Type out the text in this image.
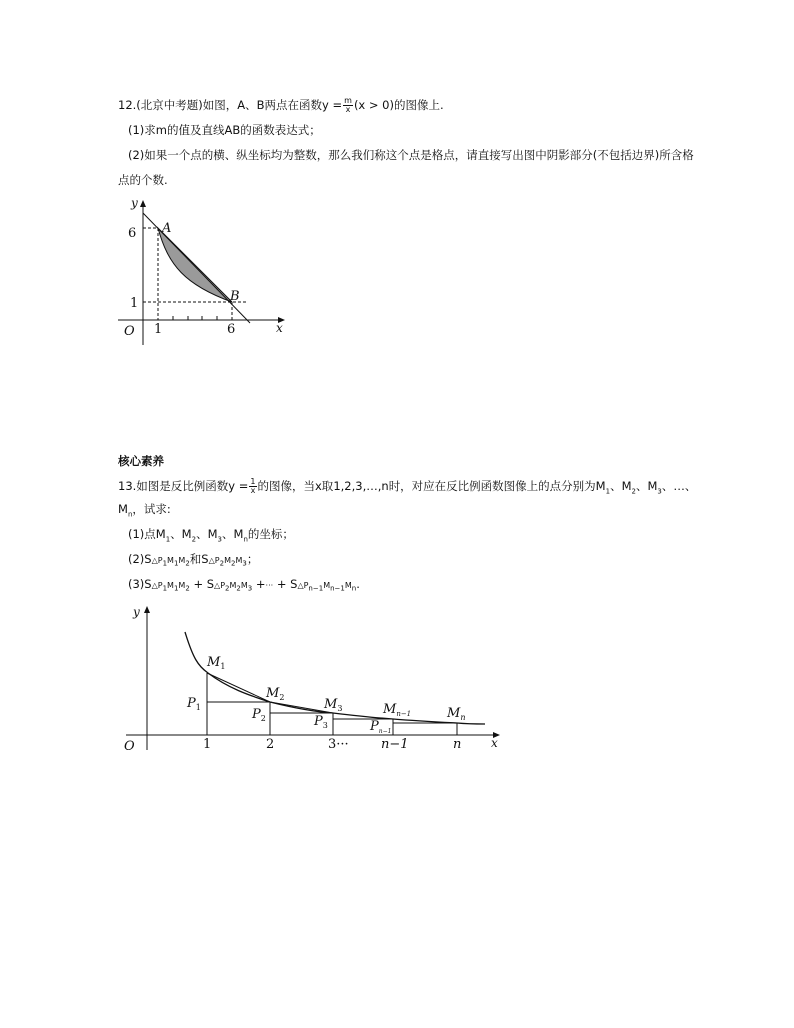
12.(北京中考题)如图，A、B两点在函数$y = \frac{m}{x} (x > 0)$的图像上.
(1)求m的值及直线AB的函数表达式；
(2)如果一个点的横、纵坐标均为整数，那么我们称这个点是格点，请直接写出图中阴影部分(不包括边界)所含格
点的个数.
y
x
O
6
1
1	6
A
B
核心素养
13.如图是反比例函数$y = \frac{1}{x}$ 的图像，当x取1,2,3,…,n时，对应在反比例函数图像上的点分别为$M_1$、$M_2$、$M_3$、…、
$M_n$，试求:
(1)点$M_1$、$M_2$、$M_3$、$M_n$的坐标；
$(2)S\triangle P_1M_1M_2$和$S\triangle P_2M_2M_3$；
$(3)S\triangle P_1M_1M_2$ + $S\triangle P_2M_2M_3$ +··· + $S\triangle P_{n-1}M_{n-1}M_n$.
y
x
O	1	2	3··· n−1	n
$M_1$
$M_2$	$M_3$	$M_{n-1}$	$M_n$
$P_1$	$P_2$	$P_3$	$P_{n-1}$
